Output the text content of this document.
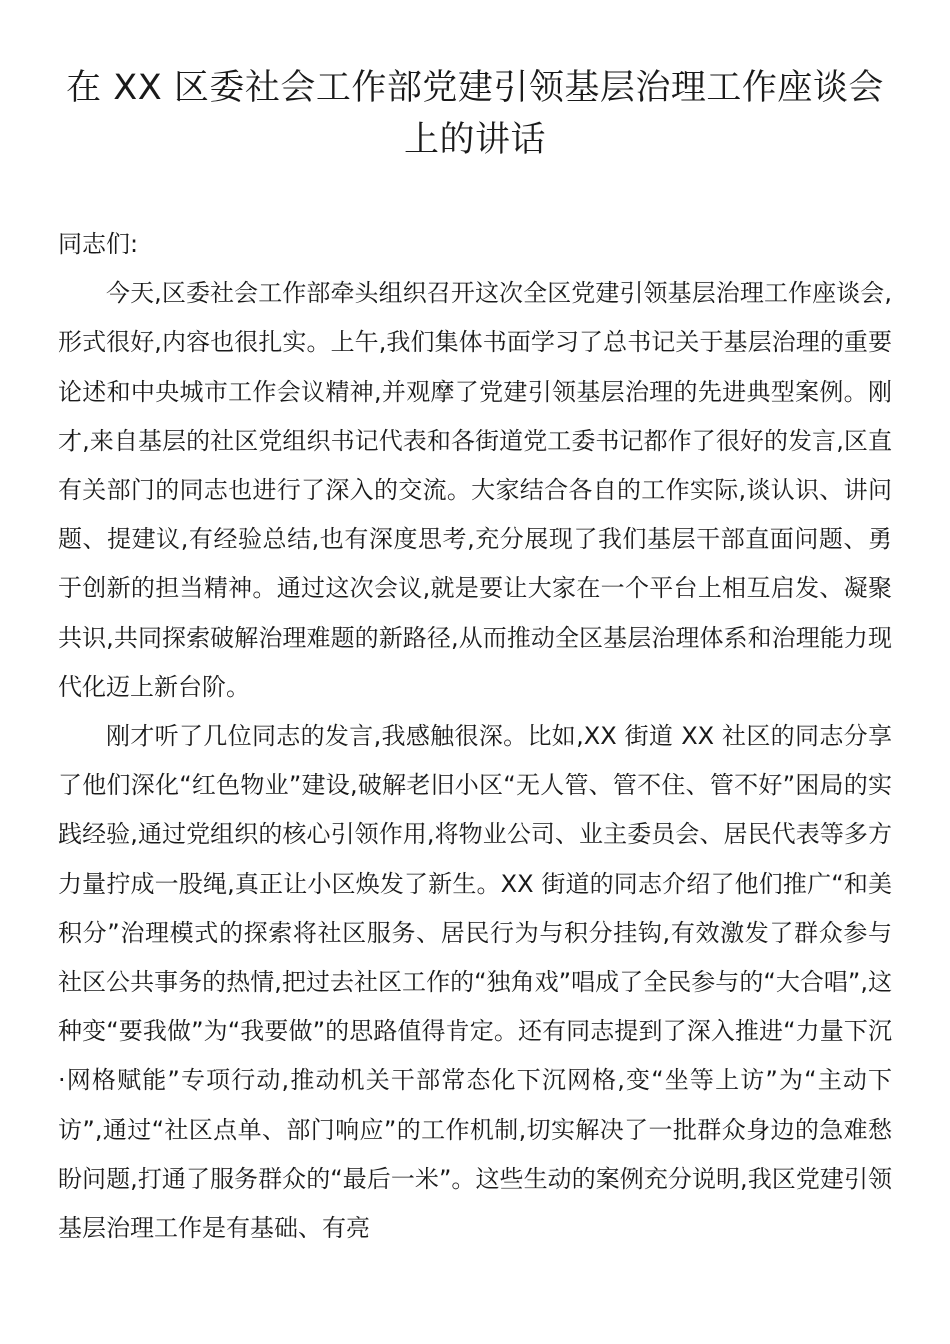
在 XX 区委社会工作部党建引领基层治理工作座谈会上的讲话

同志们:

今天,区委社会工作部牵头组织召开这次全区党建引领基层治理工作座谈会,形式很好,内容也很扎实。上午,我们集体书面学习了总书记关于基层治理的重要论述和中央城市工作会议精神,并观摩了党建引领基层治理的先进典型案例。刚才,来自基层的社区党组织书记代表和各街道党工委书记都作了很好的发言,区直有关部门的同志也进行了深入的交流。大家结合各自的工作实际,谈认识、讲问题、提建议,有经验总结,也有深度思考,充分展现了我们基层干部直面问题、勇于创新的担当精神。通过这次会议,就是要让大家在一个平台上相互启发、凝聚共识,共同探索破解治理难题的新路径,从而推动全区基层治理体系和治理能力现代化迈上新台阶。

刚才听了几位同志的发言,我感触很深。比如,XX 街道 XX 社区的同志分享了他们深化“红色物业”建设,破解老旧小区“无人管、管不住、管不好”困局的实践经验,通过党组织的核心引领作用,将物业公司、业主委员会、居民代表等多方力量拧成一股绳,真正让小区焕发了新生。XX 街道的同志介绍了他们推广“和美积分”治理模式的探索将社区服务、居民行为与积分挂钩,有效激发了群众参与社区公共事务的热情,把过去社区工作的“独角戏”唱成了全民参与的“大合唱”,这种变“要我做”为“我要做”的思路值得肯定。还有同志提到了深入推进“力量下沉·网格赋能”专项行动,推动机关干部常态化下沉网格,变“坐等上访”为“主动下访”,通过“社区点单、部门响应”的工作机制,切实解决了一批群众身边的急难愁盼问题,打通了服务群众的“最后一米”。这些生动的案例充分说明,我区党建引领基层治理工作是有基础、有亮
